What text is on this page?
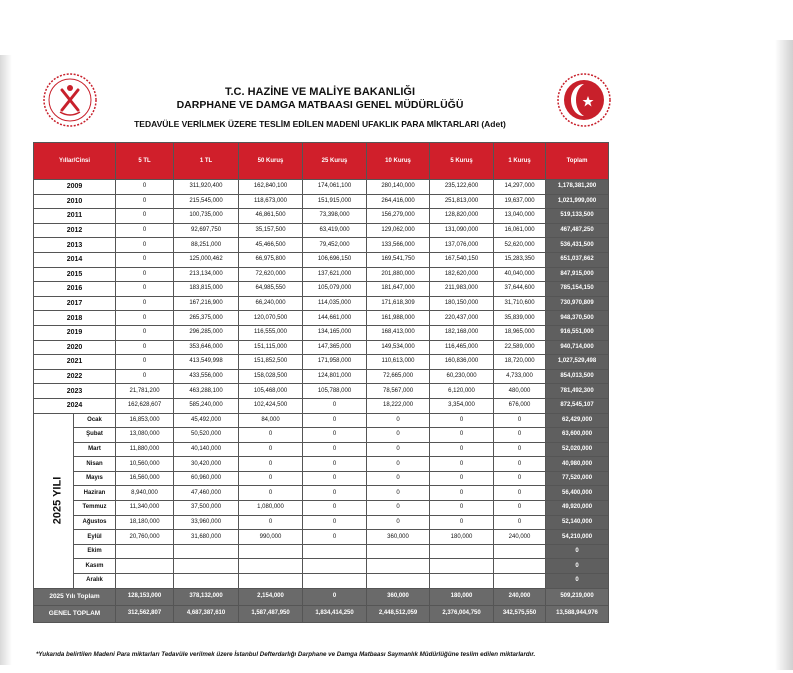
T.C. HAZİNE VE MALİYE BAKANLIĞI
DARPHANE VE DAMGA MATBAASI GENEL MÜDÜRLÜĞÜ
TEDAVÜLE VERİLMEK ÜZERE TESLİM EDİLEN MADENİ UFAKLIK PARA MİKTARLARI (Adet)
Yıllar/Cinsi		5 TL	1 TL	50 Kuruş	25 Kuruş	10 Kuruş	5 Kuruş	1 Kuruş	Toplam
2009		0	311,920,400	162,840,100	174,061,100	280,140,000	235,122,600	14,297,000	1,178,381,200
2010		0	215,545,000	118,673,000	151,915,000	264,416,000	251,813,000	19,637,000	1,021,999,000
2011		0	100,735,000	46,861,500	73,398,000	156,279,000	128,820,000	13,040,000	519,133,500
2012		0	92,697,750	35,157,500	63,419,000	129,062,000	131,090,000	16,061,000	467,487,250
2013		0	88,251,000	45,466,500	79,452,000	133,566,000	137,076,000	52,620,000	536,431,500
2014		0	125,000,462	66,975,800	106,696,150	169,541,750	167,540,150	15,283,350	651,037,662
2015		0	213,134,000	72,620,000	137,621,000	201,880,000	182,620,000	40,040,000	847,915,000
2016		0	183,815,000	64,985,550	105,079,000	181,647,000	211,983,000	37,644,600	785,154,150
2017		0	167,216,900	66,240,000	114,035,000	171,618,309	180,150,000	31,710,600	730,970,809
2018		0	265,375,000	120,070,500	144,661,000	161,988,000	220,437,000	35,839,000	948,370,500
2019		0	296,285,000	116,555,000	134,165,000	168,413,000	182,168,000	18,965,000	916,551,000
2020		0	353,646,000	151,115,000	147,365,000	149,534,000	116,465,000	22,589,000	940,714,000
2021		0	413,549,998	151,852,500	171,958,000	110,613,000	160,836,000	18,720,000	1,027,529,498
2022		0	433,556,000	158,028,500	124,801,000	72,665,000	60,230,000	4,733,000	854,013,500
2023		21,781,200	463,288,100	105,468,000	105,788,000	78,567,000	6,120,000	480,000	781,492,300
2024		162,628,607	585,240,000	102,424,500	0	18,222,000	3,354,000	676,000	872,545,107
2025 YILI	Ocak	16,853,000	45,492,000	84,000	0	0	0	0	62,429,000
	Şubat	13,080,000	50,520,000	0	0	0	0	0	63,600,000
	Mart	11,880,000	40,140,000	0	0	0	0	0	52,020,000
	Nisan	10,560,000	30,420,000	0	0	0	0	0	40,980,000
	Mayıs	16,560,000	60,960,000	0	0	0	0	0	77,520,000
	Haziran	8,940,000	47,460,000	0	0	0	0	0	56,400,000
	Temmuz	11,340,000	37,500,000	1,080,000	0	0	0	0	49,920,000
	Ağustos	18,180,000	33,960,000	0	0	0	0	0	52,140,000
	Eylül	20,760,000	31,680,000	990,000	0	360,000	180,000	240,000	54,210,000
	Ekim								0
	Kasım								0
	Aralık								0
2025 Yılı Toplam		128,153,000	378,132,000	2,154,000	0	360,000	180,000	240,000	509,219,000
GENEL TOPLAM		312,562,807	4,687,387,610	1,587,487,950	1,834,414,250	2,448,512,059	2,376,004,750	342,575,550	13,588,944,976
*Yukarıda belirtilen Madeni Para miktarları Tedavüle verilmek üzere İstanbul Defterdarlığı Darphane ve Damga Matbaası Saymanlık Müdürlüğüne teslim edilen miktarlardır.
